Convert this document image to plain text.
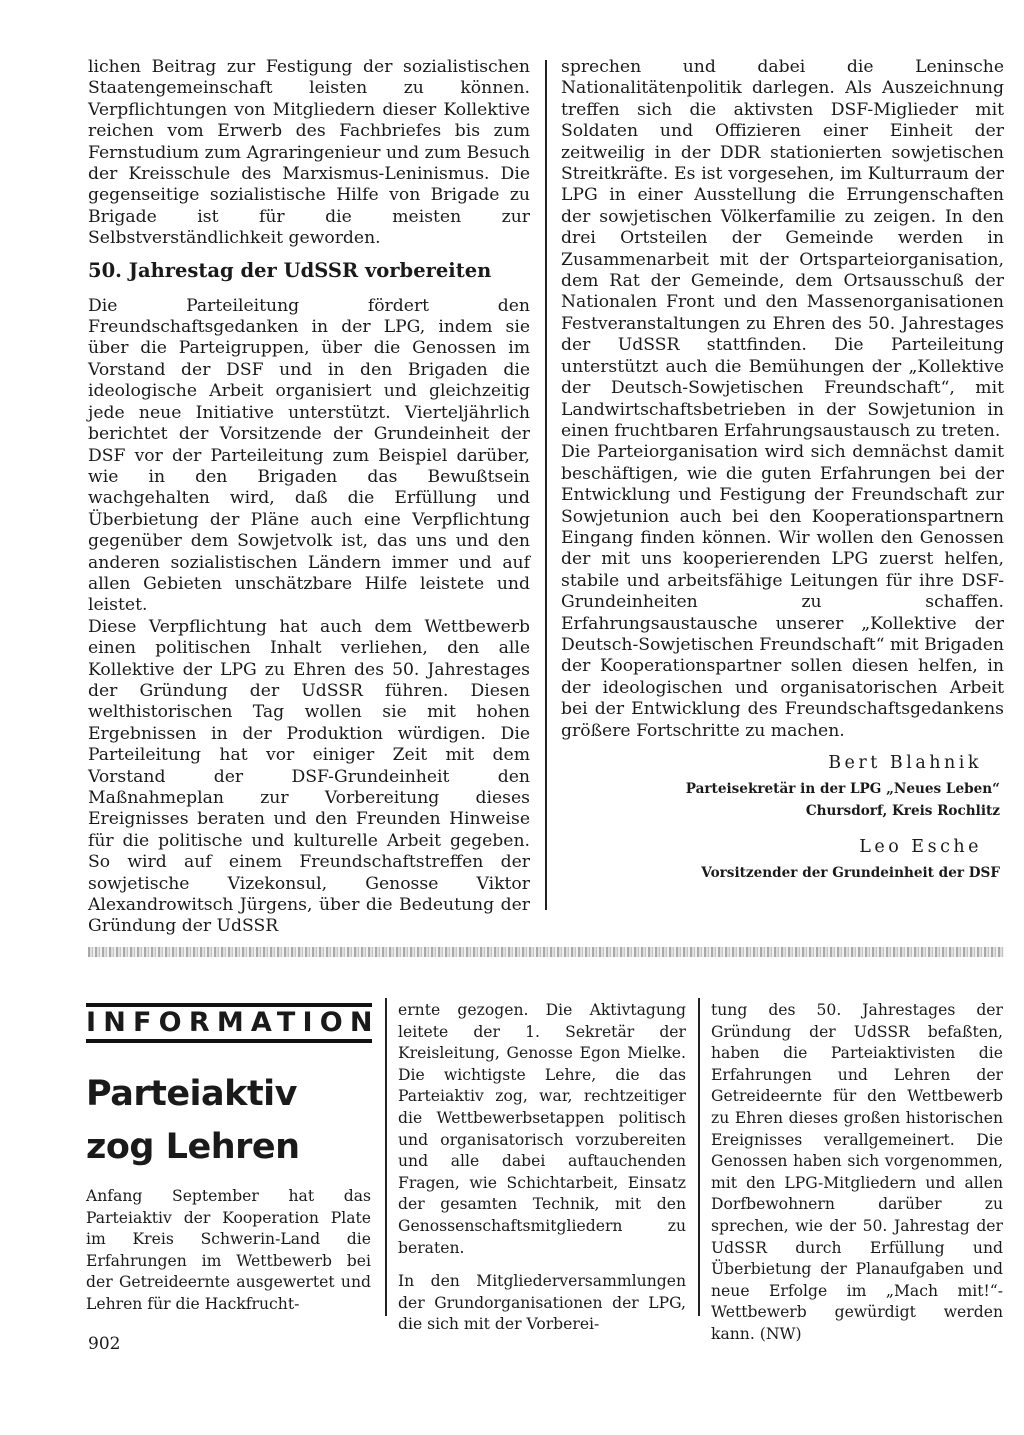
lichen Beitrag zur Festigung der sozialistischen Staatengemeinschaft leisten zu können. Verpflichtungen von Mitgliedern dieser Kollektive reichen vom Erwerb des Fachbriefes bis zum Fernstudium zum Agraringenieur und zum Besuch der Kreisschule des Marxismus-Leninismus. Die gegenseitige sozialistische Hilfe von Brigade zu Brigade ist für die meisten zur Selbstverständlichkeit geworden.

50. Jahrestag der UdSSR vorbereiten

Die Parteileitung fördert den Freundschaftsgedanken in der LPG, indem sie über die Parteigruppen, über die Genossen im Vorstand der DSF und in den Brigaden die ideologische Arbeit organisiert und gleichzeitig jede neue Initiative unterstützt. Vierteljährlich berichtet der Vorsitzende der Grundeinheit der DSF vor der Parteileitung zum Beispiel darüber, wie in den Brigaden das Bewußtsein wachgehalten wird, daß die Erfüllung und Überbietung der Pläne auch eine Verpflichtung gegenüber dem Sowjetvolk ist, das uns und den anderen sozialistischen Ländern immer und auf allen Gebieten unschätzbare Hilfe leistete und leistet.

Diese Verpflichtung hat auch dem Wettbewerb einen politischen Inhalt verliehen, den alle Kollektive der LPG zu Ehren des 50. Jahrestages der Gründung der UdSSR führen. Diesen welthistorischen Tag wollen sie mit hohen Ergebnissen in der Produktion würdigen. Die Parteileitung hat vor einiger Zeit mit dem Vorstand der DSF-Grundeinheit den Maßnahmeplan zur Vorbereitung dieses Ereignisses beraten und den Freunden Hinweise für die politische und kulturelle Arbeit gegeben. So wird auf einem Freundschaftstreffen der sowjetische Vizekonsul, Genosse Viktor Alexandrowitsch Jürgens, über die Bedeutung der Gründung der UdSSR

sprechen und dabei die Leninsche Nationalitätenpolitik darlegen. Als Auszeichnung treffen sich die aktivsten DSF-Miglieder mit Soldaten und Offizieren einer Einheit der zeitweilig in der DDR stationierten sowjetischen Streitkräfte. Es ist vorgesehen, im Kulturraum der LPG in einer Ausstellung die Errungenschaften der sowjetischen Völkerfamilie zu zeigen. In den drei Ortsteilen der Gemeinde werden in Zusammenarbeit mit der Ortsparteiorganisation, dem Rat der Gemeinde, dem Ortsausschuß der Nationalen Front und den Massenorganisationen Festveranstaltungen zu Ehren des 50. Jahrestages der UdSSR stattfinden. Die Parteileitung unterstützt auch die Bemühungen der „Kollektive der Deutsch-Sowjetischen Freundschaft“, mit Landwirtschaftsbetrieben in der Sowjetunion in einen fruchtbaren Erfahrungsaustausch zu treten.

Die Parteiorganisation wird sich demnächst damit beschäftigen, wie die guten Erfahrungen bei der Entwicklung und Festigung der Freundschaft zur Sowjetunion auch bei den Kooperationspartnern Eingang finden können. Wir wollen den Genossen der mit uns kooperierenden LPG zuerst helfen, stabile und arbeitsfähige Leitungen für ihre DSF-Grundeinheiten zu schaffen. Erfahrungsaustausche unserer „Kollektive der Deutsch-Sowjetischen Freundschaft“ mit Brigaden der Kooperationspartner sollen diesen helfen, in der ideologischen und organisatorischen Arbeit bei der Entwicklung des Freundschaftsgedankens größere Fortschritte zu machen.

Bert Blahnik
Parteisekretär in der LPG „Neues Leben“
Chursdorf, Kreis Rochlitz
Leo Esche
Vorsitzender der Grundeinheit der DSF
INFORMATION
Parteiaktiv
zog Lehren
Anfang September hat das Parteiaktiv der Kooperation Plate im Kreis Schwerin-Land die Erfahrungen im Wettbewerb bei der Getreideernte ausgewertet und Lehren für die Hackfrucht-

ernte gezogen. Die Aktivtagung leitete der 1. Sekretär der Kreisleitung, Genosse Egon Mielke. Die wichtigste Lehre, die das Parteiaktiv zog, war, rechtzeitiger die Wettbewerbsetappen politisch und organisatorisch vorzubereiten und alle dabei auftauchenden Fragen, wie Schichtarbeit, Einsatz der gesamten Technik, mit den Genossenschaftsmitgliedern zu beraten.

In den Mitgliederversammlungen der Grundorganisationen der LPG, die sich mit der Vorberei-

tung des 50. Jahrestages der Gründung der UdSSR befaßten, haben die Parteiaktivisten die Erfahrungen und Lehren der Getreideernte für den Wettbewerb zu Ehren dieses großen historischen Ereignisses verallgemeinert. Die Genossen haben sich vorgenommen, mit den LPG-Mitgliedern und allen Dorfbewohnern darüber zu sprechen, wie der 50. Jahrestag der UdSSR durch Erfüllung und Überbietung der Planaufgaben und neue Erfolge im „Mach mit!“-Wettbewerb gewürdigt werden kann. (NW)

902
